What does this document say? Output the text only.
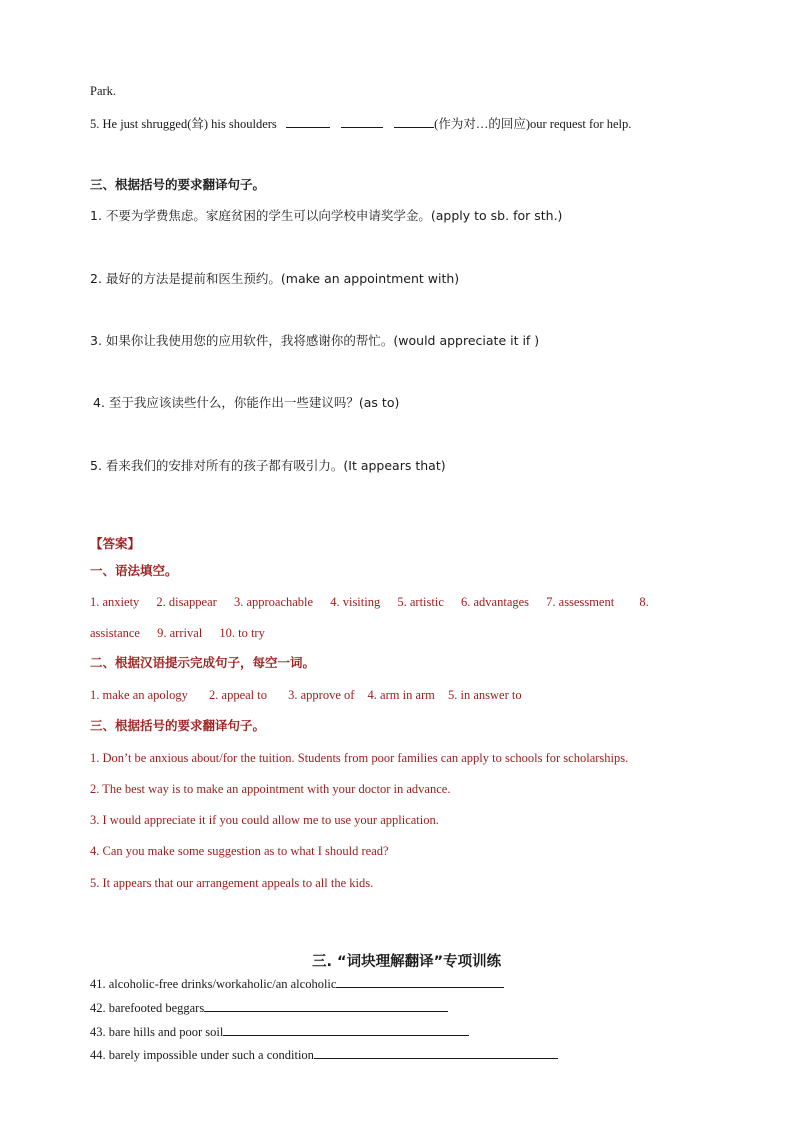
Park.
5. He just shrugged(耸) his shoulders	(作为对…的回应)our request for help.
三、根据括号的要求翻译句子。
1. 不要为学费焦虑。家庭贫困的学生可以向学校申请奖学金。(apply to sb. for sth.)
2. 最好的方法是提前和医生预约。(make an appointment with)
3. 如果你让我使用您的应用软件，我将感谢你的帮忙。(would appreciate it if )
4. 至于我应该读些什么，你能作出一些建议吗？(as to)
5. 看来我们的安排对所有的孩子都有吸引力。(It appears that)
【答案】
一、语法填空。
1. anxiety 2. disappear 3. approachable 4. visiting 5. artistic 6. advantages 7. assessment 8.
assistance 9. arrival 10. to try
二、根据汉语提示完成句子，每空一词。
1. make an apology 2. appeal to 3. approve of 4. arm in arm 5. in answer to
三、根据括号的要求翻译句子。
1. Don’t be anxious about/for the tuition. Students from poor families can apply to schools for scholarships.
2. The best way is to make an appointment with your doctor in advance.
3. I would appreciate it if you could allow me to use your application.
4. Can you make some suggestion as to what I should read?
5. It appears that our arrangement appeals to all the kids.
三. “词块理解翻译”专项训练
41. alcoholic-free drinks/workaholic/an alcoholic
42. barefooted beggars
43. bare hills and poor soil
44. barely impossible under such a condition
